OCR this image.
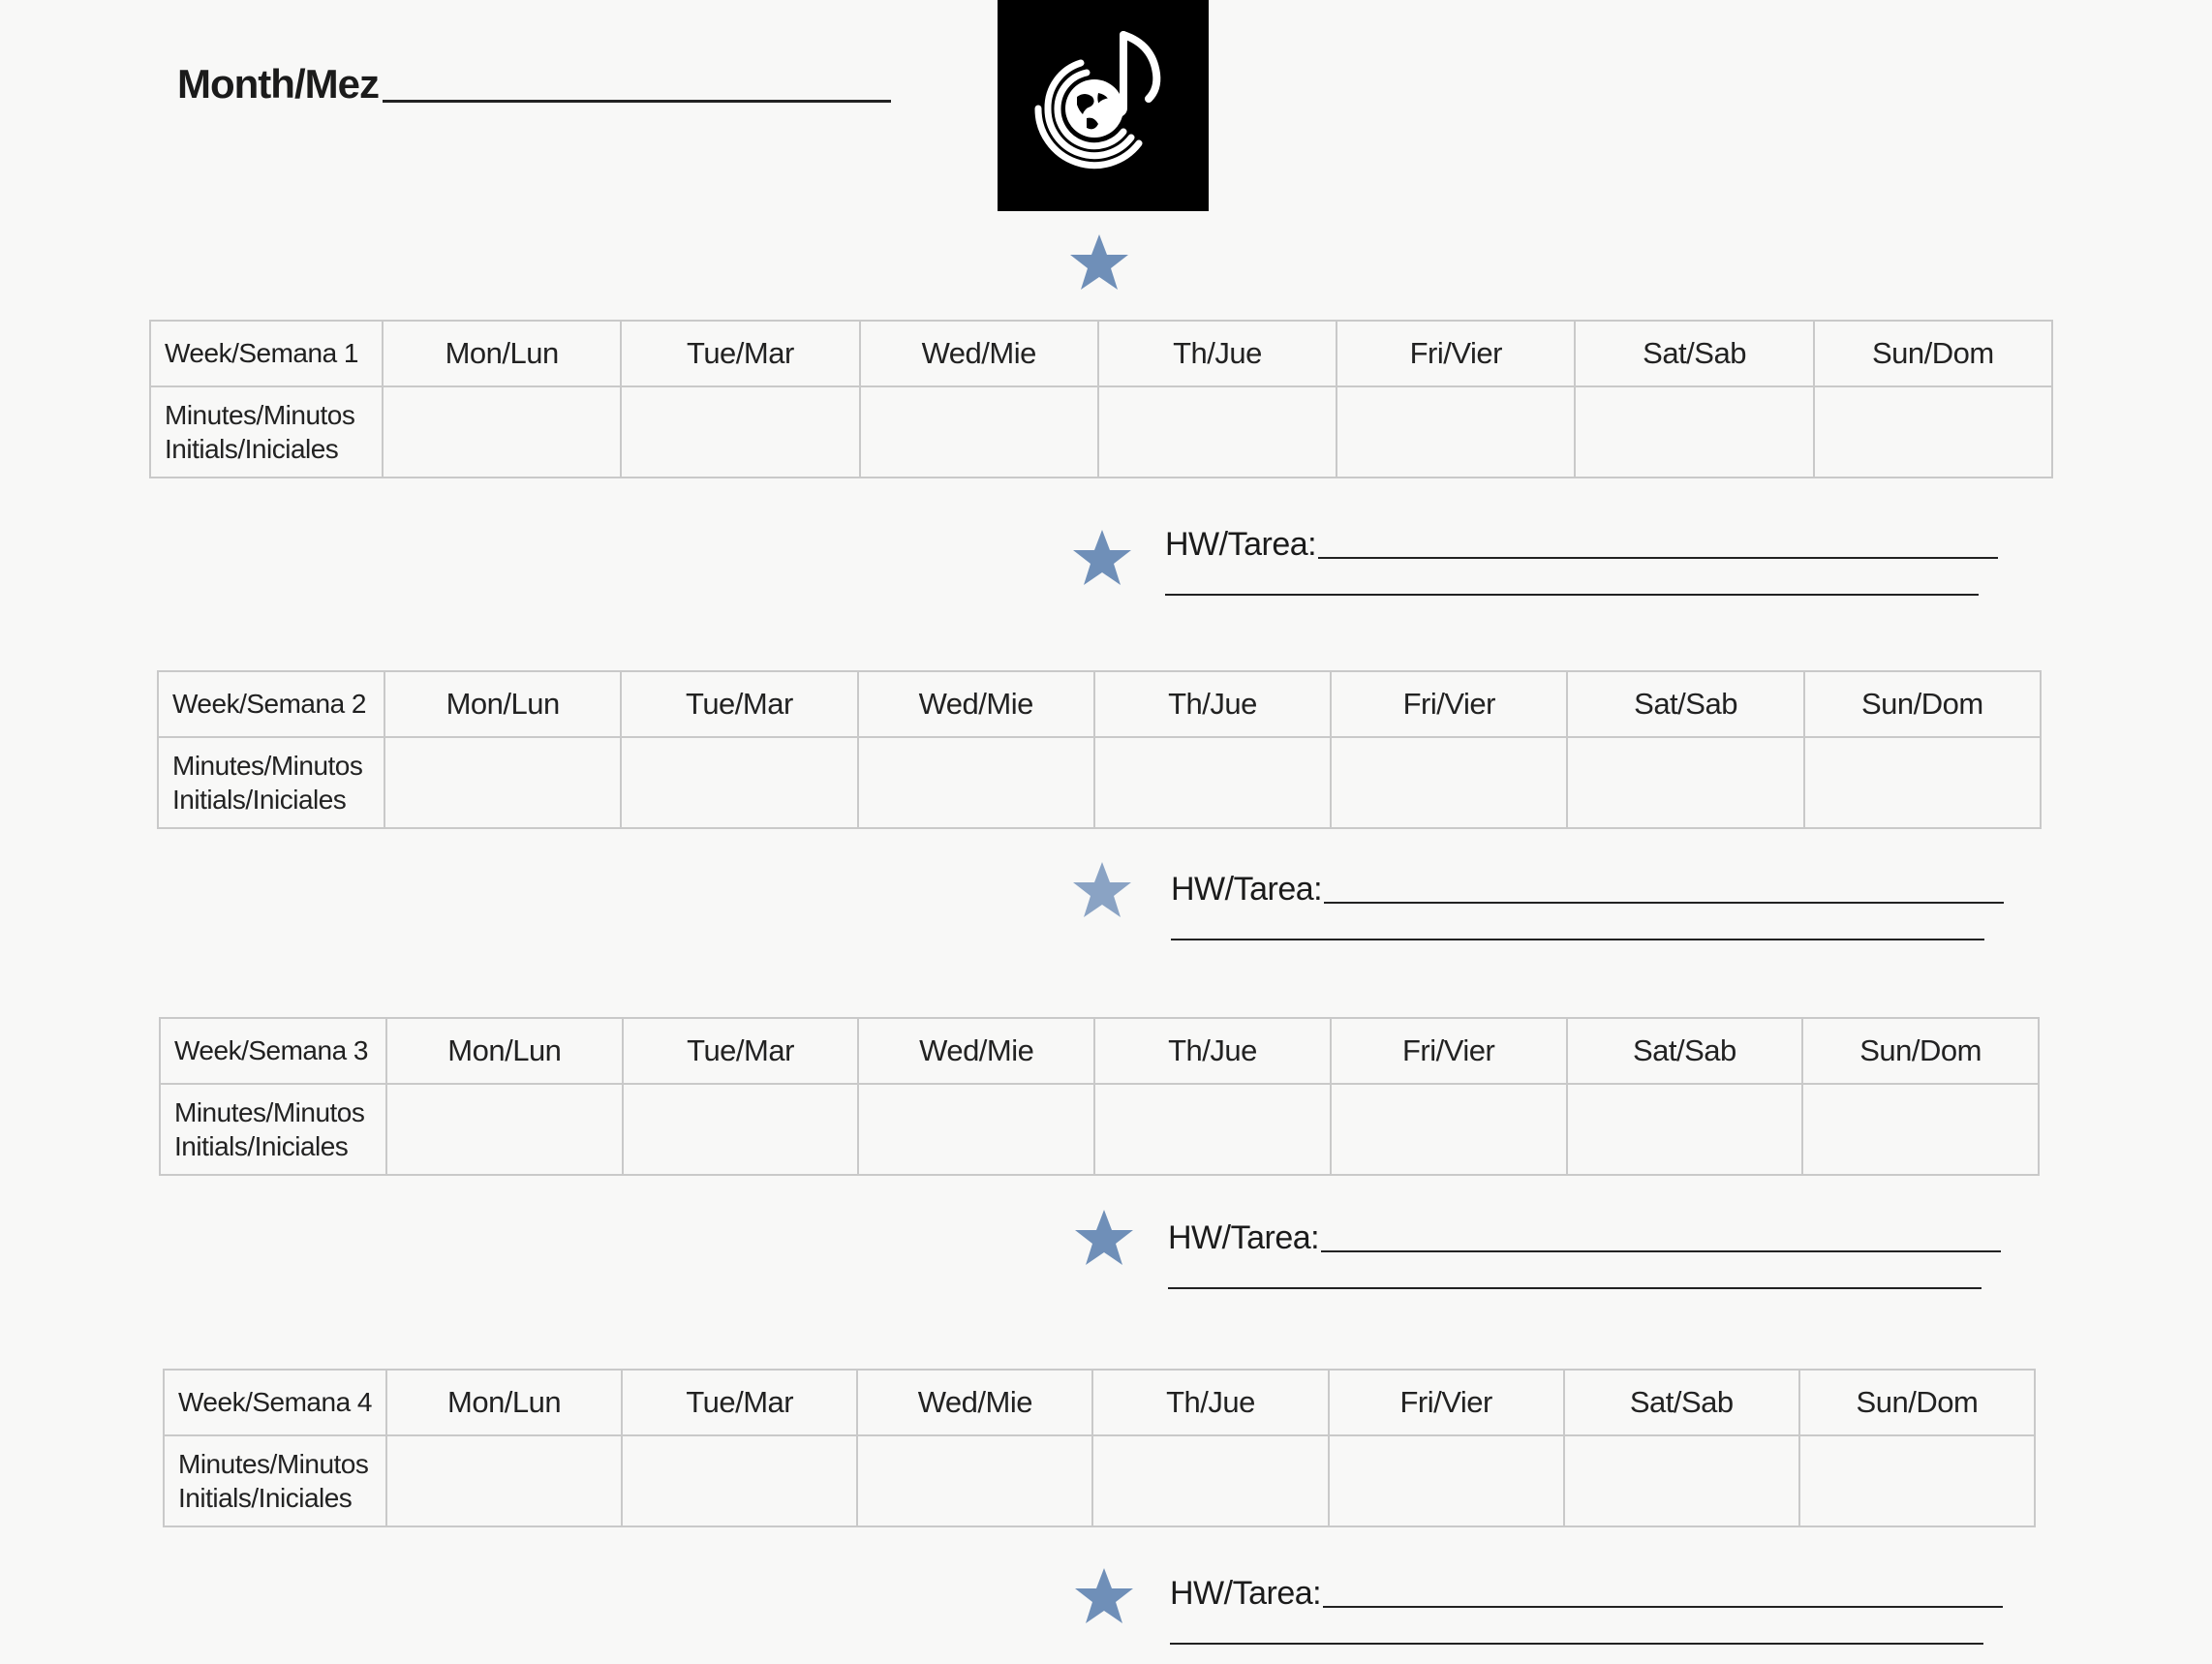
Month/Mez
Week/Semana 1	Mon/Lun	Tue/Mar	Wed/Mie	Th/Jue	Fri/Vier	Sat/Sab	Sun/Dom
Minutes/Minutos
Initials/Iniciales							
HW/Tarea:
Week/Semana 2	Mon/Lun	Tue/Mar	Wed/Mie	Th/Jue	Fri/Vier	Sat/Sab	Sun/Dom
Minutes/Minutos
Initials/Iniciales							
HW/Tarea:
Week/Semana 3	Mon/Lun	Tue/Mar	Wed/Mie	Th/Jue	Fri/Vier	Sat/Sab	Sun/Dom
Minutes/Minutos
Initials/Iniciales							
HW/Tarea:
Week/Semana 4	Mon/Lun	Tue/Mar	Wed/Mie	Th/Jue	Fri/Vier	Sat/Sab	Sun/Dom
Minutes/Minutos
Initials/Iniciales							
HW/Tarea:
